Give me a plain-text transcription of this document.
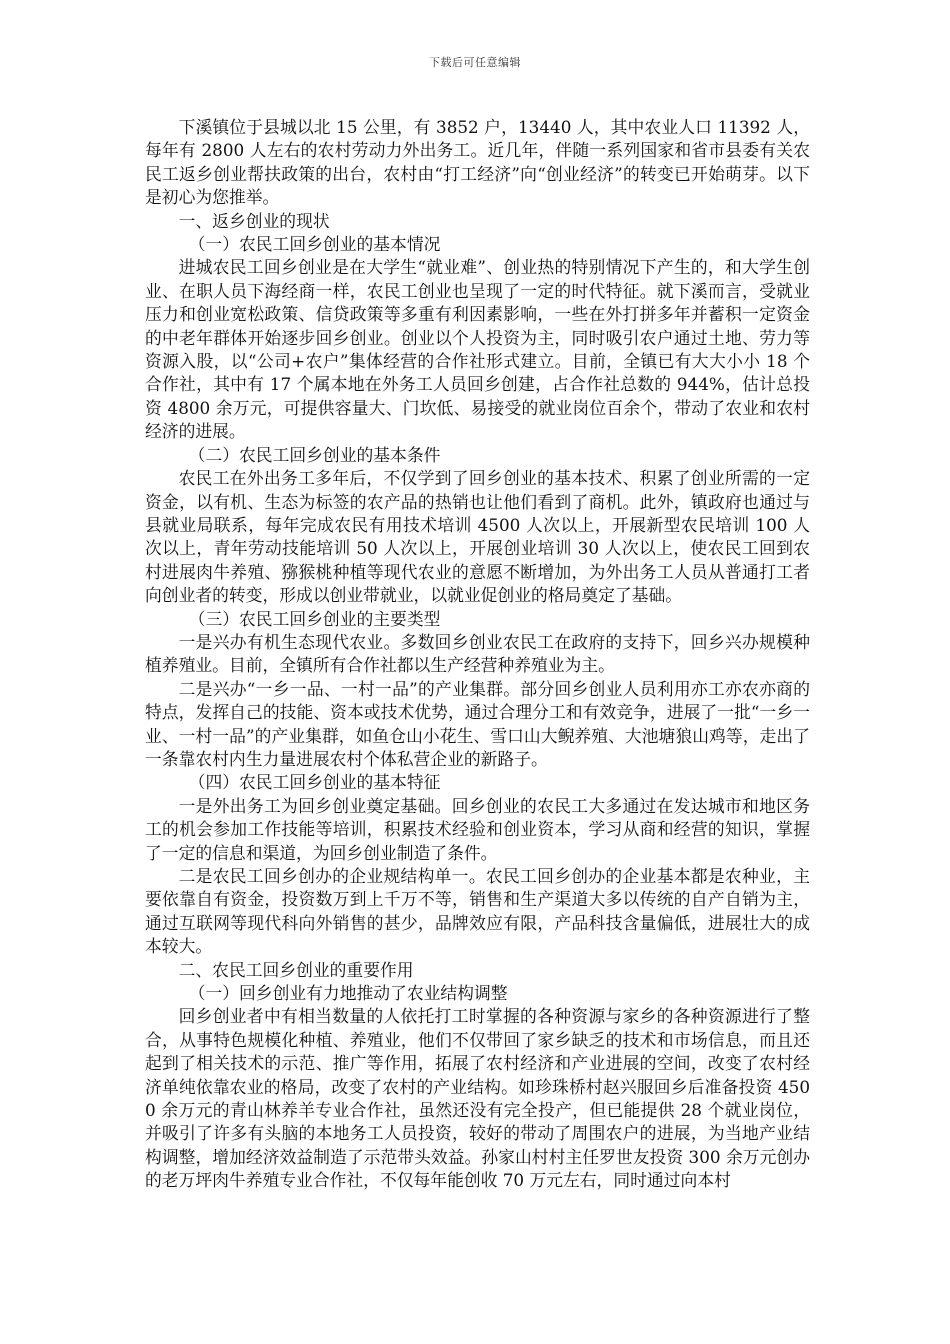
下载后可任意编辑

下溪镇位于县城以北 15 公里，有 3852 户，13440 人，其中农业人口 11392 人，每年有 2800 人左右的农村劳动力外出务工。近几年，伴随一系列国家和省市县委有关农民工返乡创业帮扶政策的出台，农村由“打工经济”向“创业经济”的转变已开始萌芽。以下是初心为您推举。

一、返乡创业的现状

（一）农民工回乡创业的基本情况

进城农民工回乡创业是在大学生“就业难”、创业热的特别情况下产生的，和大学生创业、在职人员下海经商一样，农民工创业也呈现了一定的时代特征。就下溪而言，受就业压力和创业宽松政策、信贷政策等多重有利因素影响，一些在外打拼多年并蓄积一定资金的中老年群体开始逐步回乡创业。创业以个人投资为主，同时吸引农户通过土地、劳力等资源入股，以“公司+农户”集体经营的合作社形式建立。目前，全镇已有大大小小 18 个合作社，其中有 17 个属本地在外务工人员回乡创建，占合作社总数的 944%，估计总投资 4800 余万元，可提供容量大、门坎低、易接受的就业岗位百余个，带动了农业和农村经济的进展。

（二）农民工回乡创业的基本条件

农民工在外出务工多年后，不仅学到了回乡创业的基本技术、积累了创业所需的一定资金，以有机、生态为标签的农产品的热销也让他们看到了商机。此外，镇政府也通过与县就业局联系，每年完成农民有用技术培训 4500 人次以上，开展新型农民培训 100 人次以上，青年劳动技能培训 50 人次以上，开展创业培训 30 人次以上，使农民工回到农村进展肉牛养殖、猕猴桃种植等现代农业的意愿不断增加，为外出务工人员从普通打工者向创业者的转变，形成以创业带就业，以就业促创业的格局奠定了基础。

（三）农民工回乡创业的主要类型

一是兴办有机生态现代农业。多数回乡创业农民工在政府的支持下，回乡兴办规模种植养殖业。目前，全镇所有合作社都以生产经营种养殖业为主。

二是兴办“一乡一品、一村一品”的产业集群。部分回乡创业人员利用亦工亦农亦商的特点，发挥自己的技能、资本或技术优势，通过合理分工和有效竞争，进展了一批“一乡一业、一村一品”的产业集群，如鱼仓山小花生、雪口山大鲵养殖、大池塘狼山鸡等，走出了一条靠农村内生力量进展农村个体私营企业的新路子。

（四）农民工回乡创业的基本特征

一是外出务工为回乡创业奠定基础。回乡创业的农民工大多通过在发达城市和地区务工的机会参加工作技能等培训，积累技术经验和创业资本，学习从商和经营的知识，掌握了一定的信息和渠道，为回乡创业制造了条件。

二是农民工回乡创办的企业规结构单一。农民工回乡创办的企业基本都是农种业，主要依靠自有资金，投资数万到上千万不等，销售和生产渠道大多以传统的自产自销为主，通过互联网等现代科向外销售的甚少，品牌效应有限，产品科技含量偏低，进展壮大的成本较大。

二、农民工回乡创业的重要作用

（一）回乡创业有力地推动了农业结构调整

回乡创业者中有相当数量的人依托打工时掌握的各种资源与家乡的各种资源进行了整合，从事特色规模化种植、养殖业，他们不仅带回了家乡缺乏的技术和市场信息，而且还起到了相关技术的示范、推广等作用，拓展了农村经济和产业进展的空间，改变了农村经济单纯依靠农业的格局，改变了农村的产业结构。如珍珠桥村赵兴服回乡后准备投资 4500 余万元的青山林养羊专业合作社，虽然还没有完全投产，但已能提供 28 个就业岗位，并吸引了许多有头脑的本地务工人员投资，较好的带动了周围农户的进展，为当地产业结构调整，增加经济效益制造了示范带头效益。孙家山村村主任罗世友投资 300 余万元创办的老万坪肉牛养殖专业合作社，不仅每年能创收 70 万元左右，同时通过向本村
